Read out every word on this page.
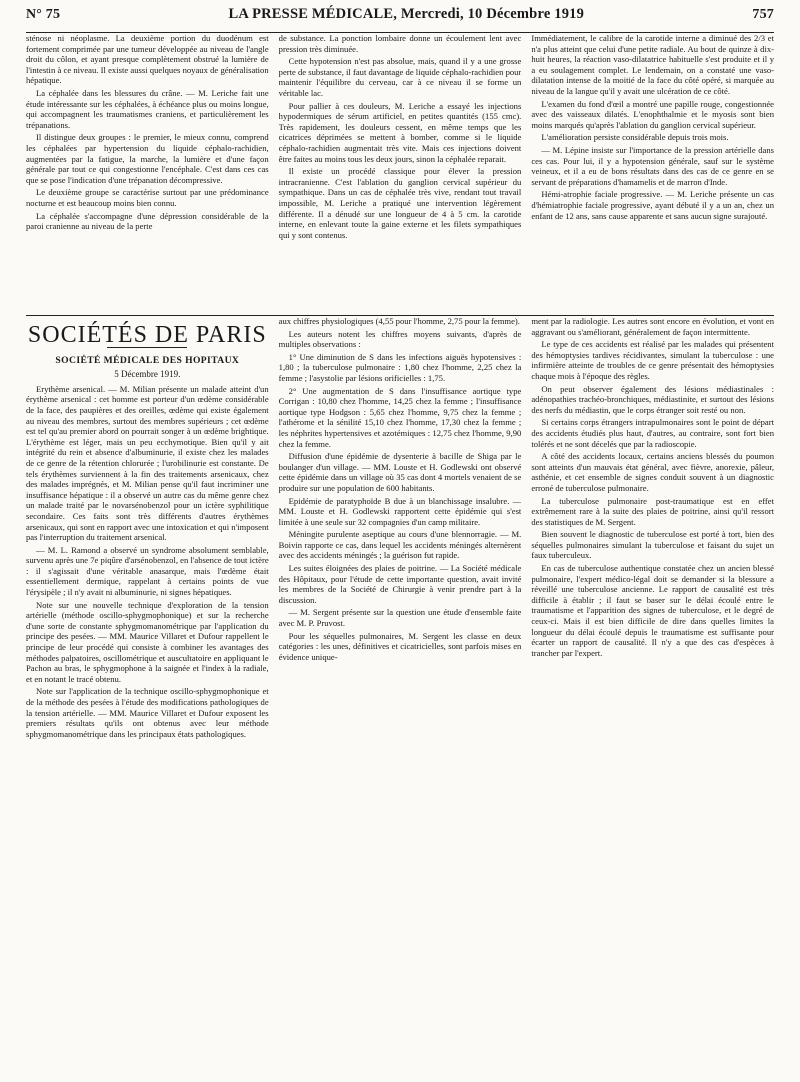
N° 75	LA PRESSE MÉDICALE, Mercredi, 10 Décembre 1919	757

sténose ni néoplasme. La deuxième portion du duodénum est fortement comprimée par une tumeur développée au niveau de l'angle droit du côlon, et ayant presque complètement obstrué la lumière de l'intestin à ce niveau. Il existe aussi quelques noyaux de généralisation hépatique.

La céphalée dans les blessures du crâne. — M. Leriche fait une étude intéressante sur les céphalées, à échéance plus ou moins longue, qui accompagnent les traumatismes craniens, et particulièrement les trépanations.

Il distingue deux groupes : le premier, le mieux connu, comprend les céphalées par hypertension du liquide céphalo-rachidien, augmentées par la fatigue, la marche, la lumière et d'une façon générale par tout ce qui congestionne l'encéphale. C'est dans ces cas que se pose l'indication d'une trépanation décompressive.

Le deuxième groupe se caractérise surtout par une prédominance nocturne et est beaucoup moins bien connu.

La céphalée s'accompagne d'une dépression considérable de la paroi cranienne au niveau de la perte

de substance. La ponction lombaire donne un écoulement lent avec pression très diminuée.

Cette hypotension n'est pas absolue, mais, quand il y a une grosse perte de substance, il faut davantage de liquide céphalo-rachidien pour maintenir l'équilibre du cerveau, car à ce niveau il se forme un véritable lac.

Pour pallier à ces douleurs, M. Leriche a essayé les injections hypodermiques de sérum artificiel, en petites quantités (155 cmc). Très rapidement, les douleurs cessent, en même temps que les cicatrices déprimées se mettent à bomber, comme si le liquide céphalo-rachidien augmentait très vite. Mais ces injections doivent être faites au moins tous les deux jours, sinon la céphalée reparait.

Il existe un procédé classique pour élever la pression intracranienne. C'est l'ablation du ganglion cervical supérieur du sympathique. Dans un cas de céphalée très vive, rendant tout travail impossible, M. Leriche a pratiqué une intervention légèrement différente. Il a dénudé sur une longueur de 4 à 5 cm. la carotide interne, en enlevant toute la gaine externe et les filets sympathiques qui y sont contenus.

Immédiatement, le calibre de la carotide interne a diminué des 2/3 et n'a plus atteint que celui d'une petite radiale. Au bout de quinze à dix-huit heures, la réaction vaso-dilatatrice habituelle s'est produite et il y a eu soulagement complet. Le lendemain, on a constaté une vaso-dilatation intense de la moitié de la face du côté opéré, si marquée au niveau de la langue qu'il y avait une ulcération de ce côté.

L'examen du fond d'œil a montré une papille rouge, congestionnée avec des vaisseaux dilatés. L'enophthalmie et le myosis sont bien moins marqués qu'après l'ablation du ganglion cervical supérieur.

L'amélioration persiste considérable depuis trois mois.

— M. Lépine insiste sur l'importance de la pression artérielle dans ces cas. Pour lui, il y a hypotension générale, sauf sur le système veineux, et il a eu de bons résultats dans des cas de ce genre en se servant de préparations d'hamamelis et de marron d'Inde.

Hémi-atrophie faciale progressive. — M. Leriche présente un cas d'hémiatrophie faciale progressive, ayant débuté il y a un an, chez un enfant de 12 ans, sans cause apparente et sans aucun signe surajouté.

SOCIÉTÉS DE PARIS
SOCIÉTÉ MÉDICALE DES HOPITAUX
5 Décembre 1919.

Erythème arsenical. — M. Milian présente un malade atteint d'un érythème arsenical : cet homme est porteur d'un œdème considérable de la face, des paupières et des oreilles, œdème qui existe également au niveau des membres, surtout des membres supérieurs ; cet œdème est tel qu'au premier abord on pourrait songer à un œdème brightique. L'érythème est léger, mais un peu ecchymotique. Bien qu'il y ait intégrité du rein et absence d'albuminurie, il existe chez les malades de ce genre de la rétention chlorurée ; l'urobilinurie est constante. De tels érythèmes surviennent à la fin des traitements arsenicaux, chez des malades imprégnés, et M. Milian pense qu'il faut incriminer une insuffisance hépatique : il a observé un autre cas du même genre chez un malade traité par le novarsénobenzol pour un ictère syphilitique secondaire. Ces faits sont très différents d'autres érythèmes arsenicaux, qui sont en rapport avec une intoxication et qui n'imposent pas l'interruption du traitement arsenical.

— M. L. Ramond a observé un syndrome absolument semblable, survenu après une 7e piqûre d'arsénobenzol, en l'absence de tout ictère : il s'agissait d'une véritable anasarque, mais l'œdème était essentiellement dermique, rappelant à certains points de vue l'érysipèle ; il n'y avait ni albuminurie, ni signes hépatiques.

Note sur une nouvelle technique d'exploration de la tension artérielle (méthode oscillo-sphygmophonique) et sur la recherche d'une sorte de constante sphygmomanométrique par l'application du principe des pesées. — MM. Maurice Villaret et Dufour rappellent le principe de leur procédé qui consiste à combiner les avantages des méthodes palpatoires, oscillométrique et auscultatoire en appliquant le Pachon au bras, le sphygmophone à la saignée et l'index à la radiale, et en notant le tracé obtenu.

Note sur l'application de la technique oscillo-sphygmophonique et de la méthode des pesées à l'étude des modifications pathologiques de la tension artérielle. — MM. Maurice Villaret et Dufour exposent les premiers résultats qu'ils ont obtenus avec leur méthode sphygmomanométrique dans les principaux états pathologiques.

aux chiffres physiologiques (4,55 pour l'homme, 2,75 pour la femme).

Les auteurs notent les chiffres moyens suivants, d'après de multiples observations :

1° Une diminution de S dans les infections aiguës hypotensives : 1,80 ; la tuberculose pulmonaire : 1,80 chez l'homme, 2,25 chez la femme ; l'asystolie par lésions orificielles : 1,75.

2° Une augmentation de S dans l'insuffisance aortique type Corrigan : 10,80 chez l'homme, 14,25 chez la femme ; l'insuffisance aortique type Hodgson : 5,65 chez l'homme, 9,75 chez la femme ; l'athérome et la sénilité 15,10 chez l'homme, 17,30 chez la femme ; les néphrites hypertensives et azotémiques : 12,75 chez l'homme, 9,90 chez la femme.

Diffusion d'une épidémie de dysenterie à bacille de Shiga par le boulanger d'un village. — MM. Louste et H. Godlewski ont observé cette épidémie dans un village où 35 cas dont 4 mortels venaient de se produire sur une population de 600 habitants.

Epidémie de paratyphoïde B due à un blanchissage insalubre. — MM. Louste et H. Godlewski rapportent cette épidémie qui s'est limitée à une seule sur 32 compagnies d'un camp militaire.

Méningite purulente aseptique au cours d'une blennorragie. — M. Boivin rapporte ce cas, dans lequel les accidents méningés alternèrent avec des accidents méningés ; la guérison fut rapide.

Les suites éloignées des plaies de poitrine. — La Société médicale des Hôpitaux, pour l'étude de cette importante question, avait invité les membres de la Société de Chirurgie à venir prendre part à la discussion.

— M. Sergent présente sur la question une étude d'ensemble faite avec M. P. Pruvost.

Pour les séquelles pulmonaires, M. Sergent les classe en deux catégories : les unes, définitives et cicatricielles, sont parfois mises en évidence unique-

ment par la radiologie. Les autres sont encore en évolution, et vont en aggravant ou s'améliorant, généralement de façon intermittente.

Le type de ces accidents est réalisé par les malades qui présentent des hémoptysies tardives récidivantes, simulant la tuberculose : une infirmière atteinte de troubles de ce genre présentait des hémoptysies chaque mois à l'époque des règles.

On peut observer également des lésions médiastinales : adénopathies trachéo-bronchiques, médiastinite, et surtout des lésions des nerfs du médiastin, que le corps étranger soit resté ou non.

Si certains corps étrangers intrapulmonaires sont le point de départ des accidents étudiés plus haut, d'autres, au contraire, sont fort bien tolérés et ne sont décelés que par la radioscopie.

A côté des accidents locaux, certains anciens blessés du poumon sont atteints d'un mauvais état général, avec fièvre, anorexie, pâleur, asthénie, et cet ensemble de signes conduit souvent à un diagnostic erroné de tuberculose pulmonaire.

La tuberculose pulmonaire post-traumatique est en effet extrêmement rare à la suite des plaies de poitrine, ainsi qu'il ressort des statistiques de M. Sergent.

Bien souvent le diagnostic de tuberculose est porté à tort, bien des séquelles pulmonaires simulant la tuberculose et faisant du sujet un faux tuberculeux.

En cas de tuberculose authentique constatée chez un ancien blessé pulmonaire, l'expert médico-légal doit se demander si la blessure a réveillé une tuberculose ancienne. Le rapport de causalité est très difficile à établir ; il faut se baser sur le délai écoulé entre le traumatisme et l'apparition des signes de tuberculose, et le degré de ceux-ci. Mais il est bien difficile de dire dans quelles limites la longueur du délai écoulé depuis le traumatisme est suffisante pour écarter un rapport de causalité. Il n'y a que des cas d'espèces à trancher par l'expert.
